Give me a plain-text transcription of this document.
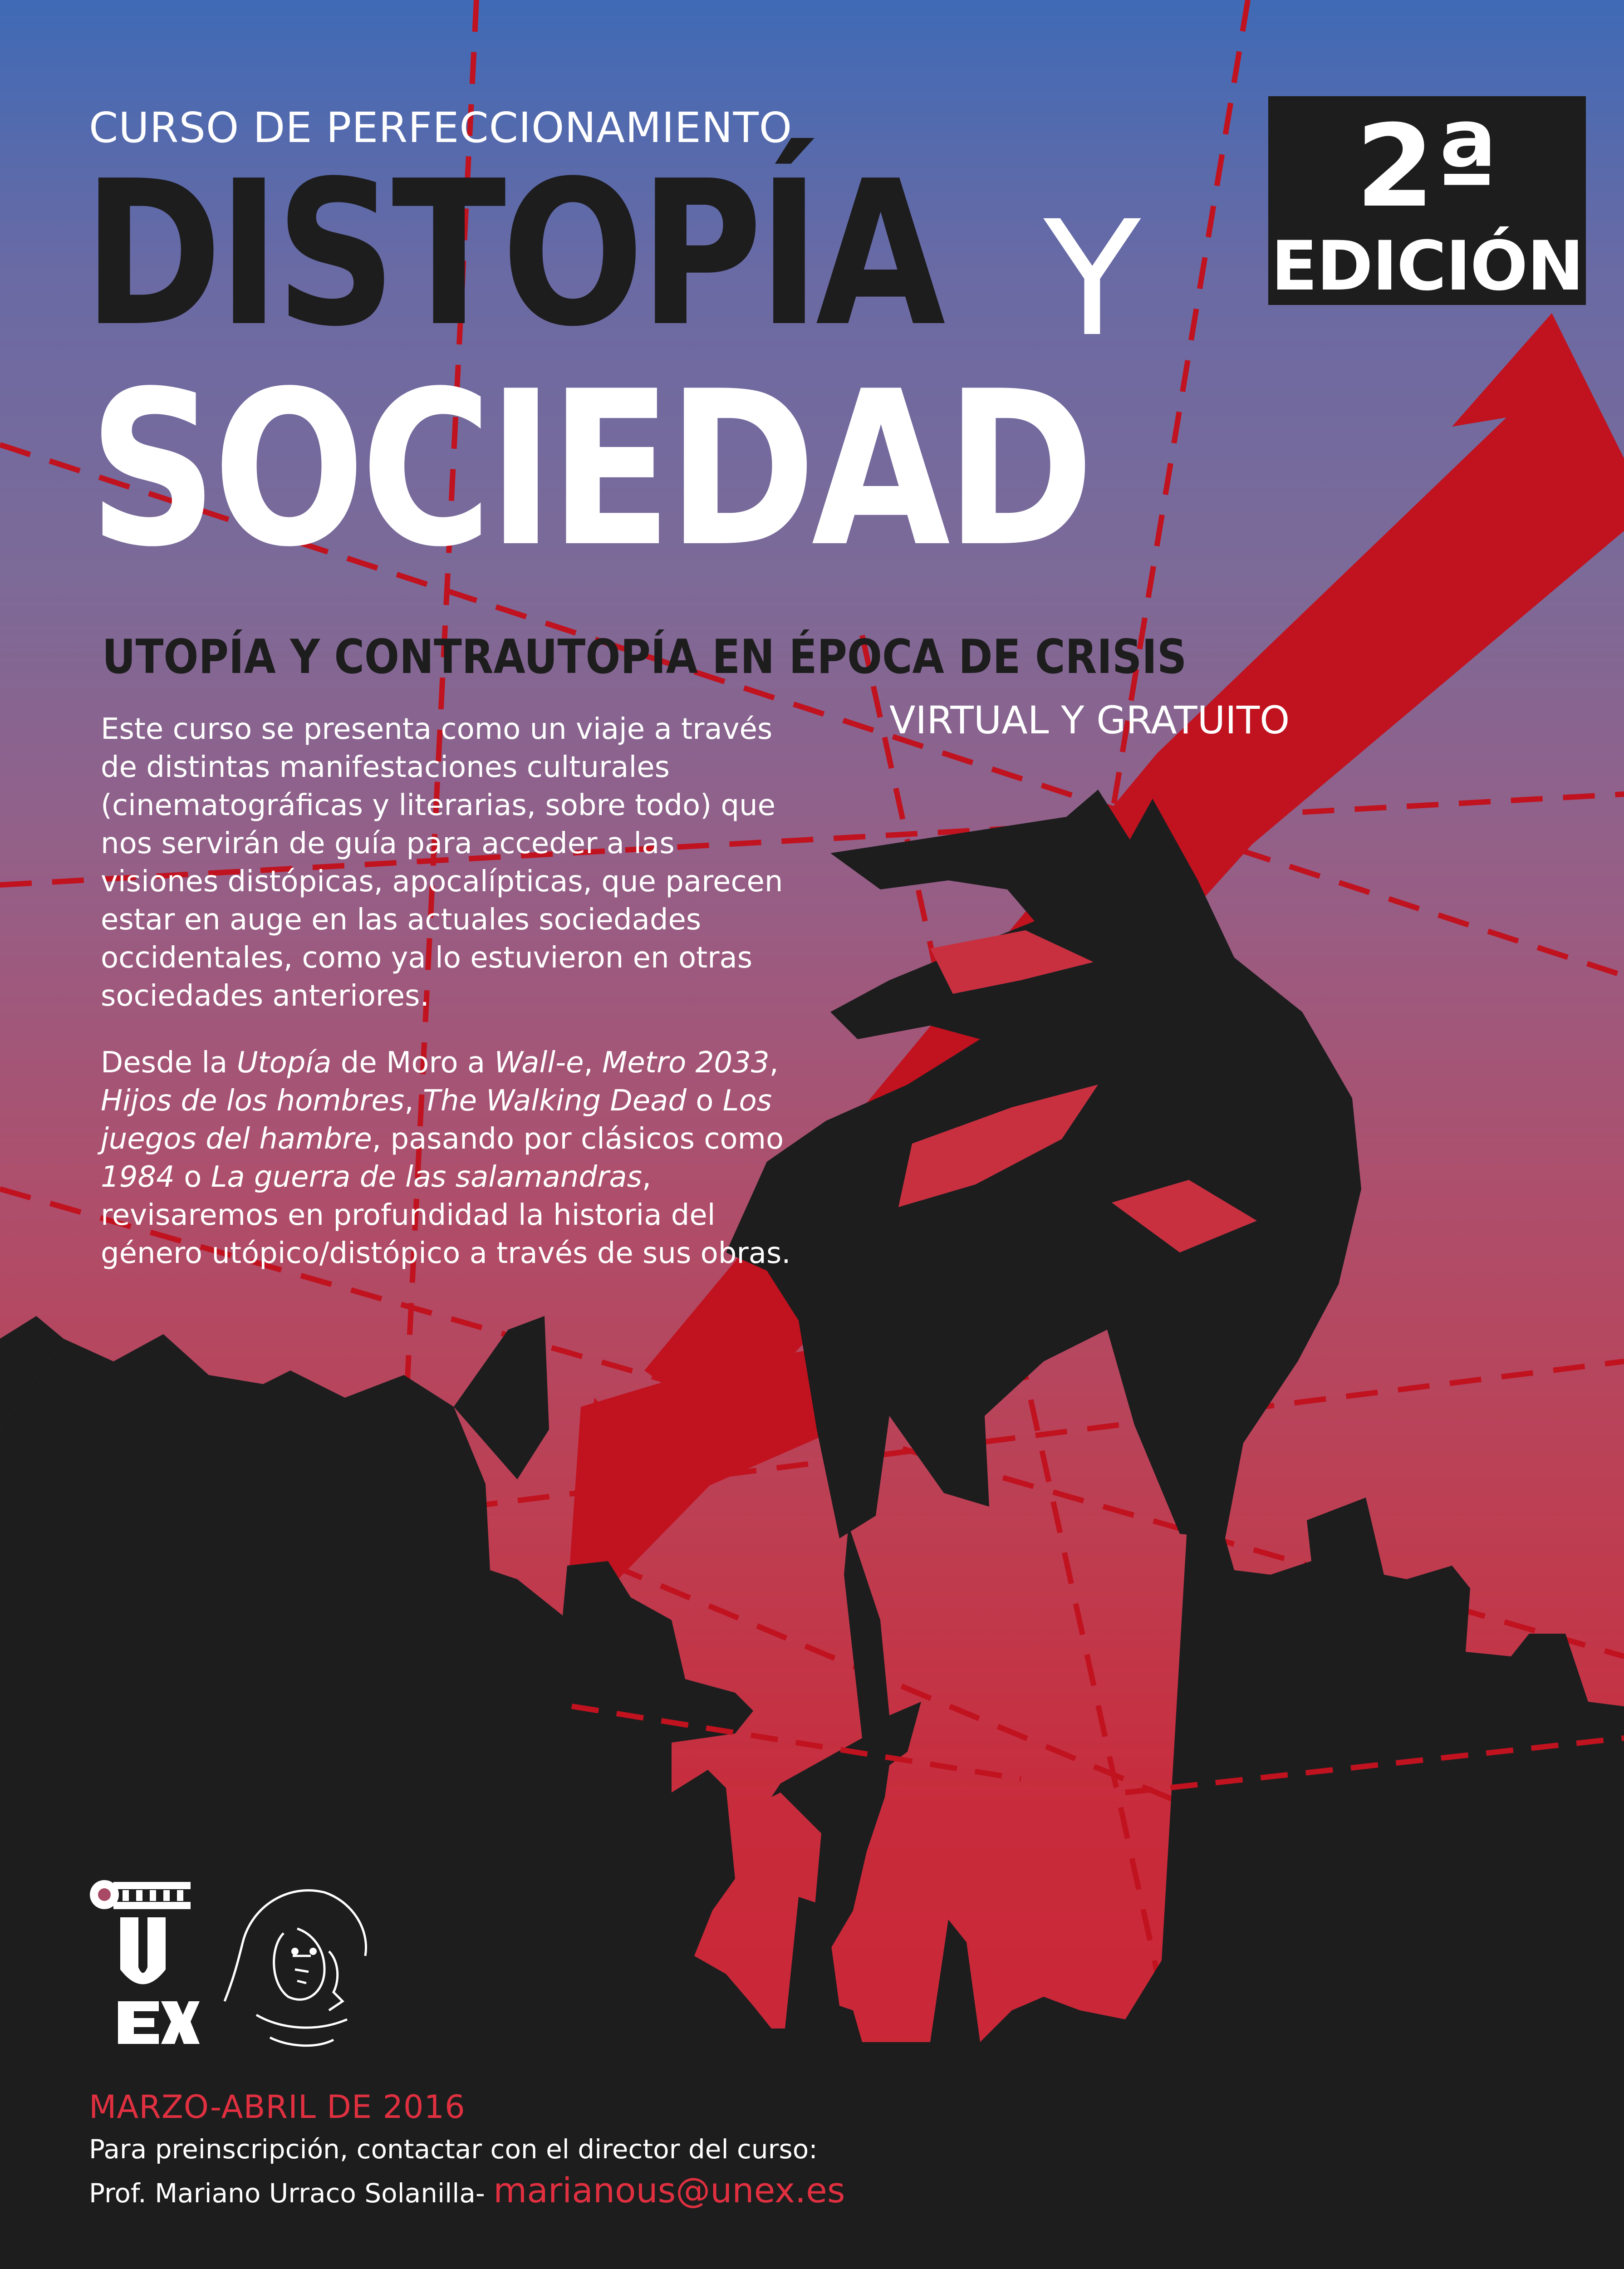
CURSO DE PERFECCIONAMIENTO
DISTOPÍA Y
SOCIEDAD
2ª
EDICIÓN
UTOPÍA Y CONTRAUTOPÍA EN ÉPOCA DE CRISIS
VIRTUAL Y GRATUITO

Este curso se presenta como un viaje a través de distintas manifestaciones culturales (cinematográficas y literarias, sobre todo) que nos servirán de guía para acceder a las visiones distópicas, apocalípticas, que parecen estar en auge en las actuales sociedades occidentales, como ya lo estuvieron en otras sociedades anteriores.

Desde la Utopía de Moro a Wall-e, Metro 2033, Hijos de los hombres, The Walking Dead o Los juegos del hambre, pasando por clásicos como 1984 o La guerra de las salamandras, revisaremos en profundidad la historia del género utópico/distópico a través de sus obras.

MARZO-ABRIL DE 2016
Para preinscripción, contactar con el director del curso:
Prof. Mariano Urraco Solanilla- marianous@unex.es
